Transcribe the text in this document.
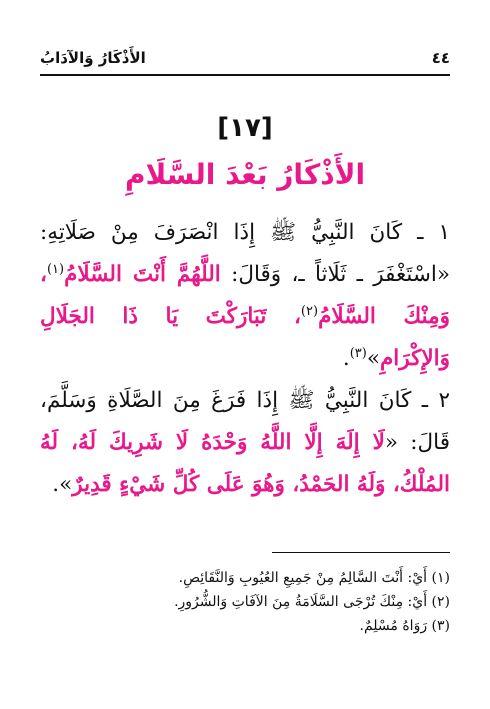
٤٤
الأَذْكَارُ وَالآدَابُ
[١٧]
الأَذْكَارُ بَعْدَ السَّلَامِ

١ ـ كَانَ النَّبِيُّ ﷺ إِذَا انْصَرَفَ مِنْ صَلَاتِهِ: «اسْتَغْفَرَ ـ ثَلَاثاً ـ، وَقَالَ: اللَّهُمَّ أَنْتَ السَّلَامُ$^{(١)}$، وَمِنْكَ السَّلَامُ$^{(٢)}$، تَبَارَكْتَ يَا ذَا الجَلَالِ وَالإِكْرَامِ»$^{(٣)}$.

٢ ـ كَانَ النَّبِيُّ ﷺ إِذَا فَرَغَ مِنَ الصَّلَاةِ وَسَلَّمَ، قَالَ: «لَا إِلَهَ إِلَّا اللَّهُ وَحْدَهُ لَا شَرِيكَ لَهُ، لَهُ المُلْكُ، وَلَهُ الحَمْدُ، وَهُوَ عَلَى كُلِّ شَيْءٍ قَدِيرٌ».

(١) أَيْ: أَنْتَ السَّالِمُ مِنْ جَمِيعِ العُيُوبِ وَالنَّقَائِصِ.

(٢) أَيْ: مِنْكَ تُرْجَى السَّلَامَةُ مِنَ الآفَاتِ وَالشُّرُورِ.

(٣) رَوَاهُ مُسْلِمٌ.
